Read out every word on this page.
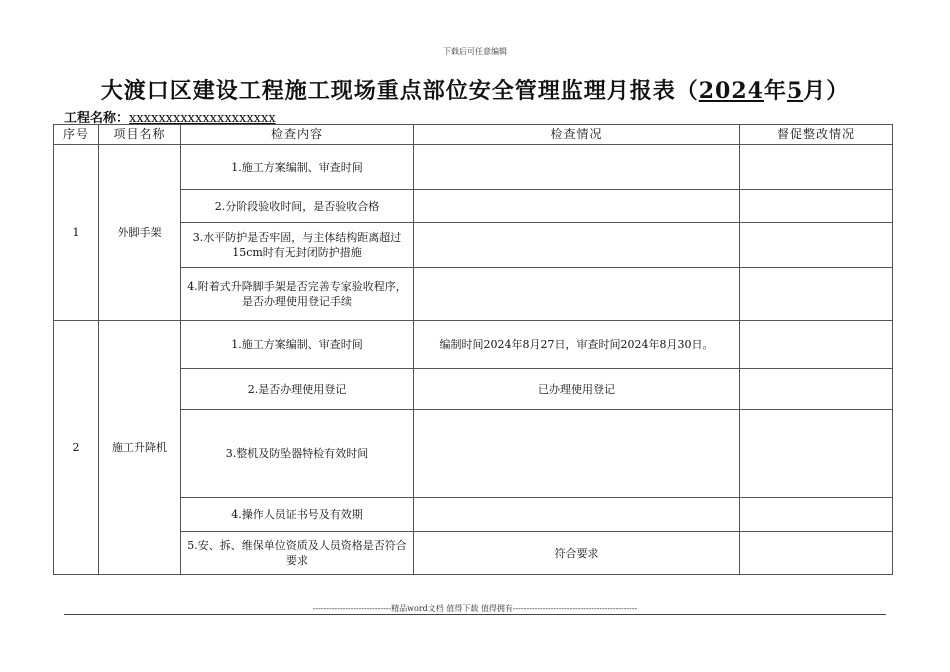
下载后可任意编辑
大渡口区建设工程施工现场重点部位安全管理监理月报表（2024年5月）
工程名称：xxxxxxxxxxxxxxxxxxxx
序号	项目名称	检查内容	检查情况	督促整改情况
1	外脚手架	1.施工方案编制、审查时间		
		2.分阶段验收时间，是否验收合格		
		3.水平防护是否牢固，与主体结构距离超过15cm时有无封闭防护措施		
		4.附着式升降脚手架是否完善专家验收程序，是否办理使用登记手续		
2	施工升降机	1.施工方案编制、审查时间	编制时间2024年8月27日，审查时间2024年8月30日。	
		2.是否办理使用登记	已办理使用登记	
		3.整机及防坠器特检有效时间		
		4.操作人员证书号及有效期		
		5.安、拆、维保单位资质及人员资格是否符合要求	符合要求	
-----------------------------精品word文档 值得下载 值得拥有----------------------------------------------
